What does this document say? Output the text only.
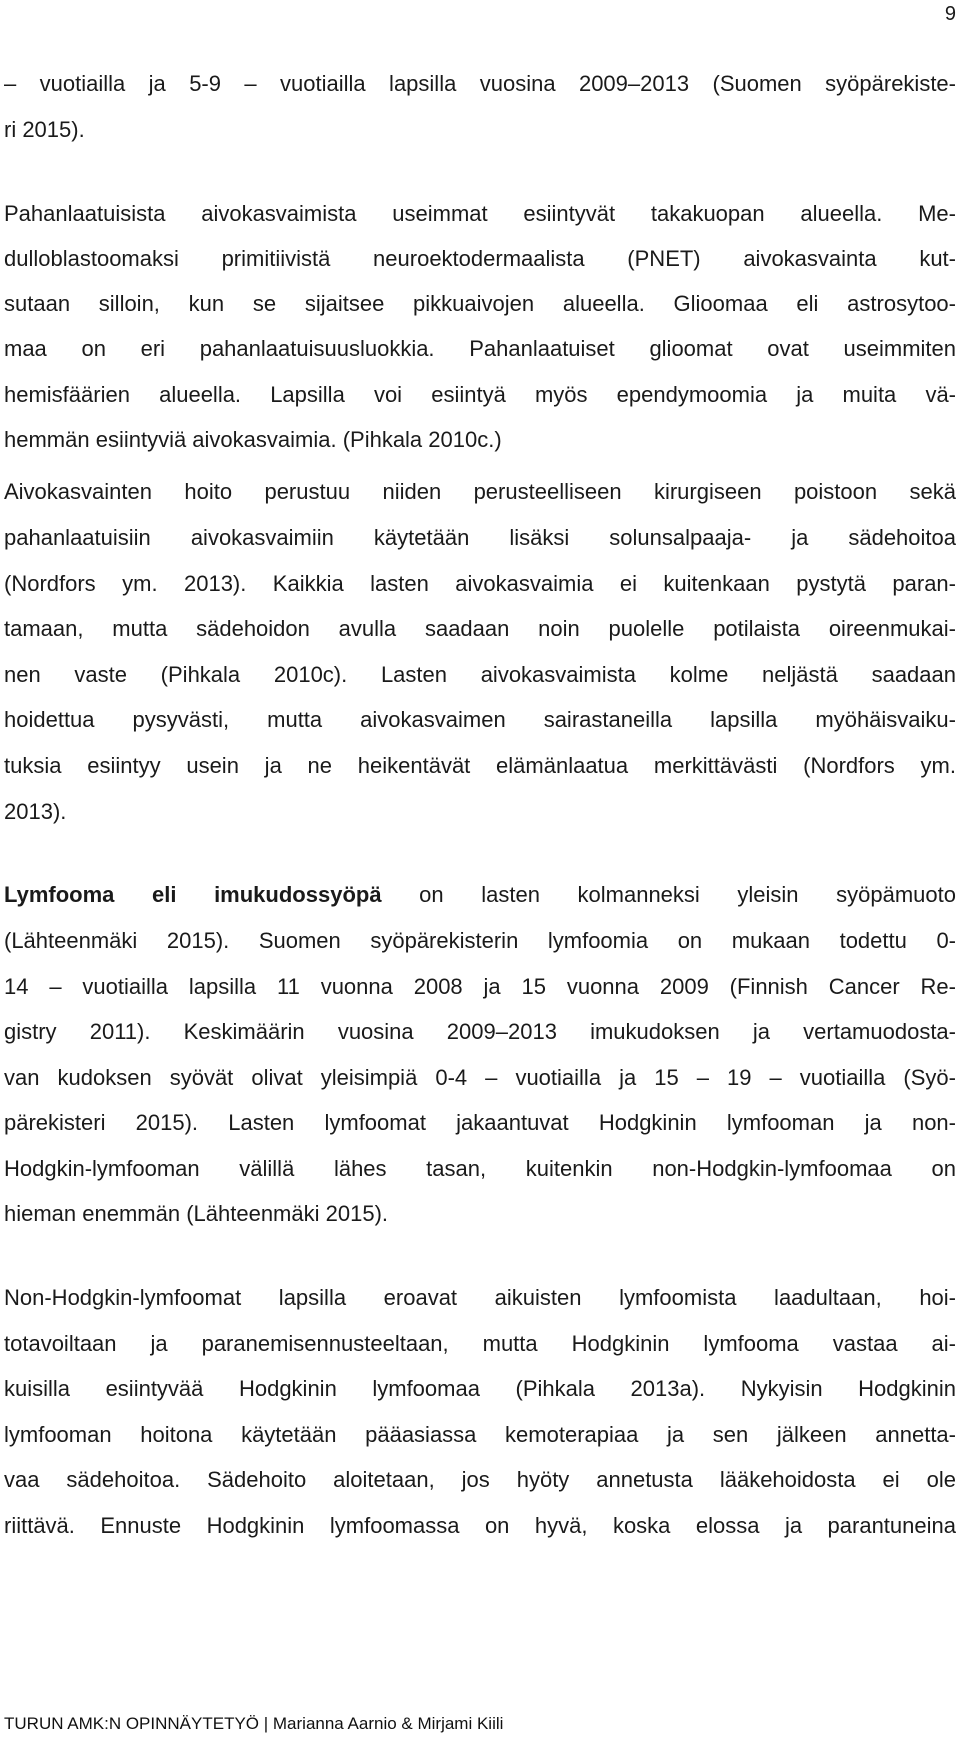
9
– vuotiailla ja 5-9 – vuotiailla lapsilla vuosina 2009–2013 (Suomen syöpärekiste-
ri 2015).
Pahanlaatuisista aivokasvaimista useimmat esiintyvät takakuopan alueella. Me-
dulloblastoomaksi primitiivistä neuroektodermaalista (PNET) aivokasvainta kut-
sutaan silloin, kun se sijaitsee pikkuaivojen alueella. Glioomaa eli astrosytoo-
maa on eri pahanlaatuisuusluokkia. Pahanlaatuiset glioomat ovat useimmiten
hemisfäärien alueella. Lapsilla voi esiintyä myös ependymoomia ja muita vä-
hemmän esiintyviä aivokasvaimia. (Pihkala 2010c.)
Aivokasvainten hoito perustuu niiden perusteelliseen kirurgiseen poistoon sekä
pahanlaatuisiin aivokasvaimiin käytetään lisäksi solunsalpaaja- ja sädehoitoa
(Nordfors ym. 2013). Kaikkia lasten aivokasvaimia ei kuitenkaan pystytä paran-
tamaan, mutta sädehoidon avulla saadaan noin puolelle potilaista oireenmukai-
nen vaste (Pihkala 2010c). Lasten aivokasvaimista kolme neljästä saadaan
hoidettua pysyvästi, mutta aivokasvaimen sairastaneilla lapsilla myöhäisvaiku-
tuksia esiintyy usein ja ne heikentävät elämänlaatua merkittävästi (Nordfors ym.
2013).
Lymfooma eli imukudossyöpä on lasten kolmanneksi yleisin syöpämuoto
(Lähteenmäki 2015). Suomen syöpärekisterin lymfoomia on mukaan todettu 0-
14 – vuotiailla lapsilla 11 vuonna 2008 ja 15 vuonna 2009 (Finnish Cancer Re-
gistry 2011). Keskimäärin vuosina 2009–2013 imukudoksen ja vertamuodosta-
van kudoksen syövät olivat yleisimpiä 0-4 – vuotiailla ja 15 – 19 – vuotiailla (Syö-
pärekisteri 2015). Lasten lymfoomat jakaantuvat Hodgkinin lymfooman ja non-
Hodgkin-lymfooman välillä lähes tasan, kuitenkin non-Hodgkin-lymfoomaa on
hieman enemmän (Lähteenmäki 2015).
Non-Hodgkin-lymfoomat lapsilla eroavat aikuisten lymfoomista laadultaan, hoi-
totavoiltaan ja paranemisennusteeltaan, mutta Hodgkinin lymfooma vastaa ai-
kuisilla esiintyvää Hodgkinin lymfoomaa (Pihkala 2013a). Nykyisin Hodgkinin
lymfooman hoitona käytetään pääasiassa kemoterapiaa ja sen jälkeen annetta-
vaa sädehoitoa. Sädehoito aloitetaan, jos hyöty annetusta lääkehoidosta ei ole
riittävä. Ennuste Hodgkinin lymfoomassa on hyvä, koska elossa ja parantuneina
TURUN AMK:N OPINNÄYTETYÖ | Marianna Aarnio & Mirjami Kiili
